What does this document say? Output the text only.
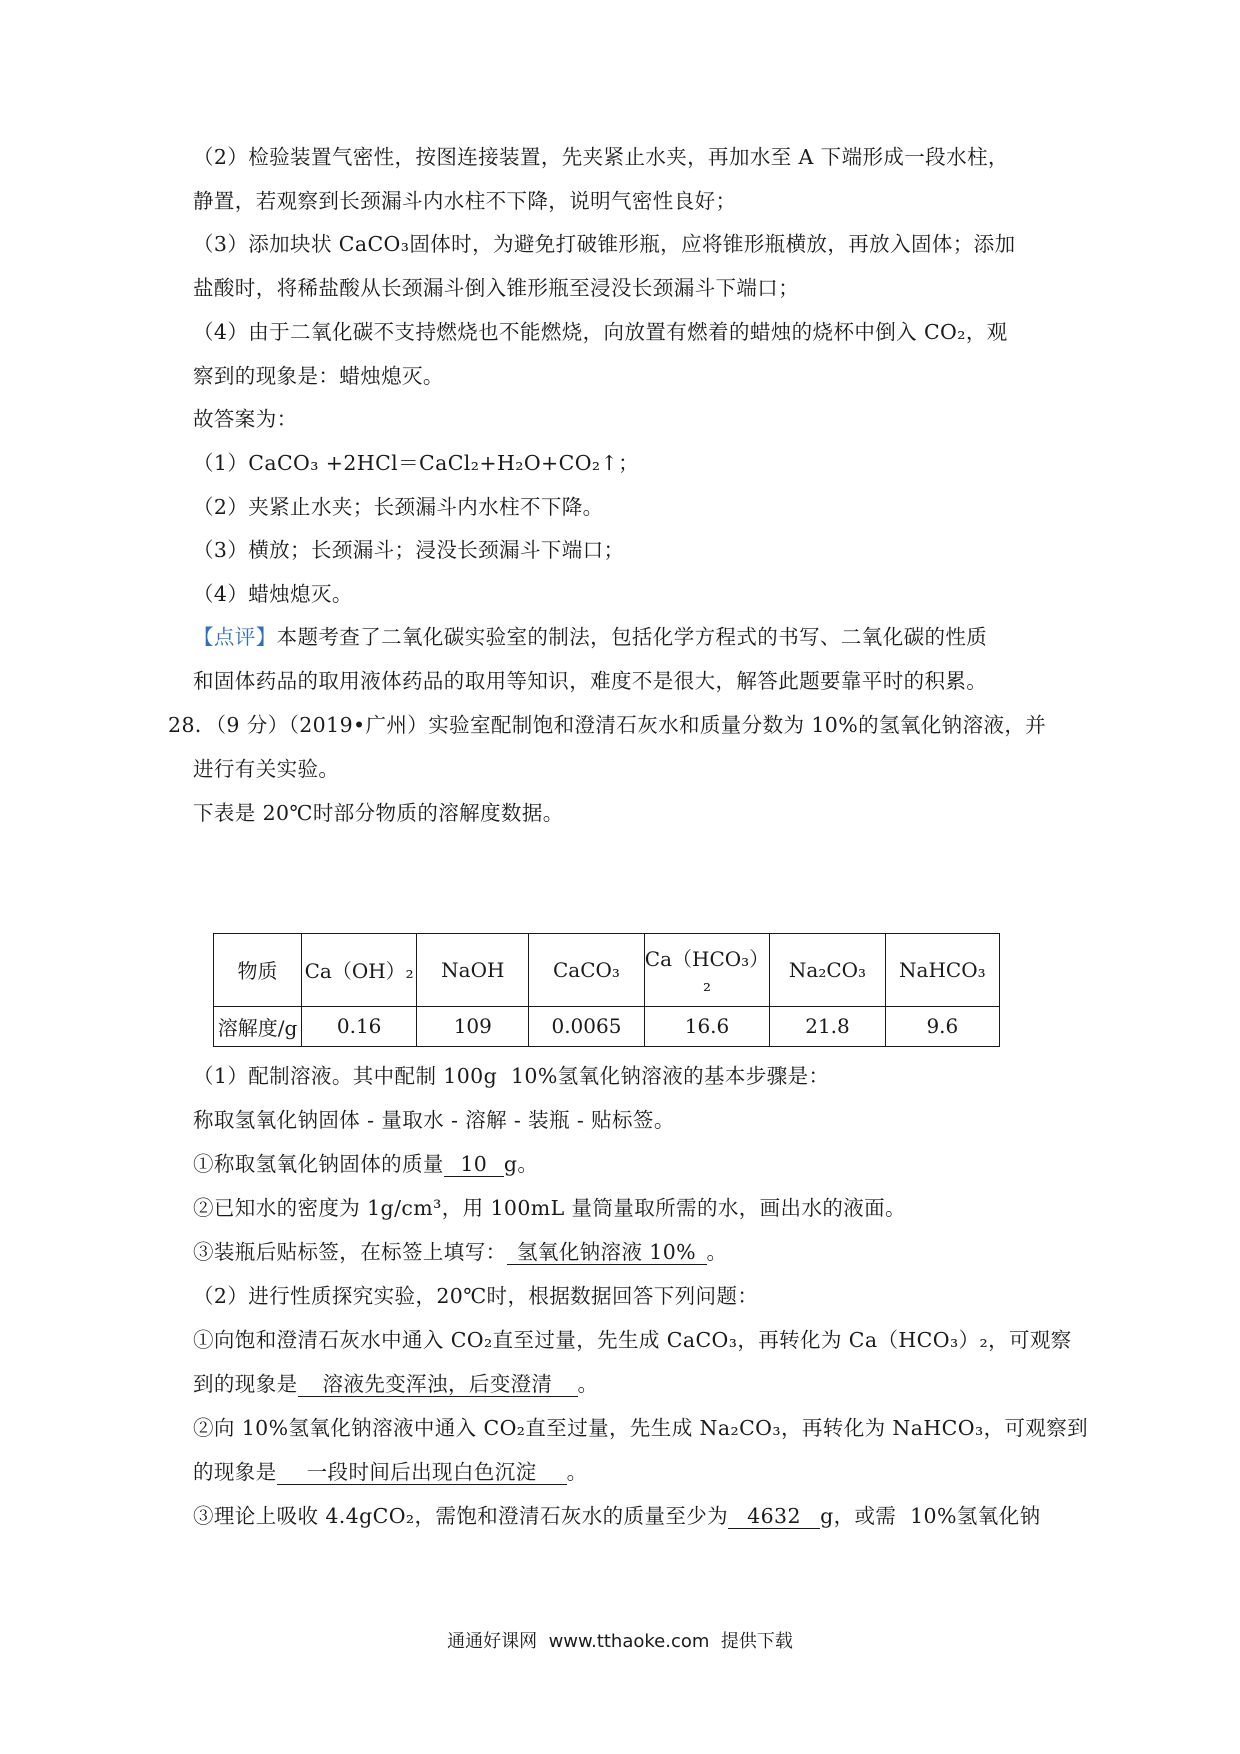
（2）检验装置气密性，按图连接装置，先夹紧止水夹，再加水至 A 下端形成一段水柱，
静置，若观察到长颈漏斗内水柱不下降，说明气密性良好；
（3）添加块状 CaCO₃固体时，为避免打破锥形瓶，应将锥形瓶横放，再放入固体；添加
盐酸时，将稀盐酸从长颈漏斗倒入锥形瓶至浸没长颈漏斗下端口；
（4）由于二氧化碳不支持燃烧也不能燃烧，向放置有燃着的蜡烛的烧杯中倒入 CO₂，观
察到的现象是：蜡烛熄灭。
故答案为：
（1）CaCO₃ +2HCl＝CaCl₂+H₂O+CO₂↑；
（2）夹紧止水夹；长颈漏斗内水柱不下降。
（3）横放；长颈漏斗；浸没长颈漏斗下端口；
（4）蜡烛熄灭。
【点评】本题考查了二氧化碳实验室的制法，包括化学方程式的书写、二氧化碳的性质
和固体药品的取用液体药品的取用等知识，难度不是很大，解答此题要靠平时的积累。
28．（9 分）（2019•广州）实验室配制饱和澄清石灰水和质量分数为 10%的氢氧化钠溶液，并
进行有关实验。
下表是 20℃时部分物质的溶解度数据。
物质	Ca（OH）₂	NaOH	CaCO₃	Ca（HCO₃）₂	Na₂CO₃	NaHCO₃
溶解度/g	0.16	109	0.0065	16.6	21.8	9.6
（1）配制溶液。其中配制 100g  10%氢氧化钠溶液的基本步骤是：
称取氢氧化钠固体 - 量取水 - 溶解 - 装瓶 - 贴标签。
①称取氢氧化钠固体的质量 10 g。
②已知水的密度为 1g/cm³，用 100mL 量筒量取所需的水，画出水的液面。
③装瓶后贴标签，在标签上填写： 氢氧化钠溶液 10% 。
（2）进行性质探究实验，20℃时，根据数据回答下列问题：
①向饱和澄清石灰水中通入 CO₂直至过量，先生成 CaCO₃，再转化为 Ca（HCO₃）₂，可观察
到的现象是 溶液先变浑浊，后变澄清 。
②向 10%氢氧化钠溶液中通入 CO₂直至过量，先生成 Na₂CO₃，再转化为 NaHCO₃，可观察到
的现象是 一段时间后出现白色沉淀 。
③理论上吸收 4.4gCO₂，需饱和澄清石灰水的质量至少为 4632 g，或需  10%氢氧化钠
通通好课网  www.tthaoke.com  提供下载
